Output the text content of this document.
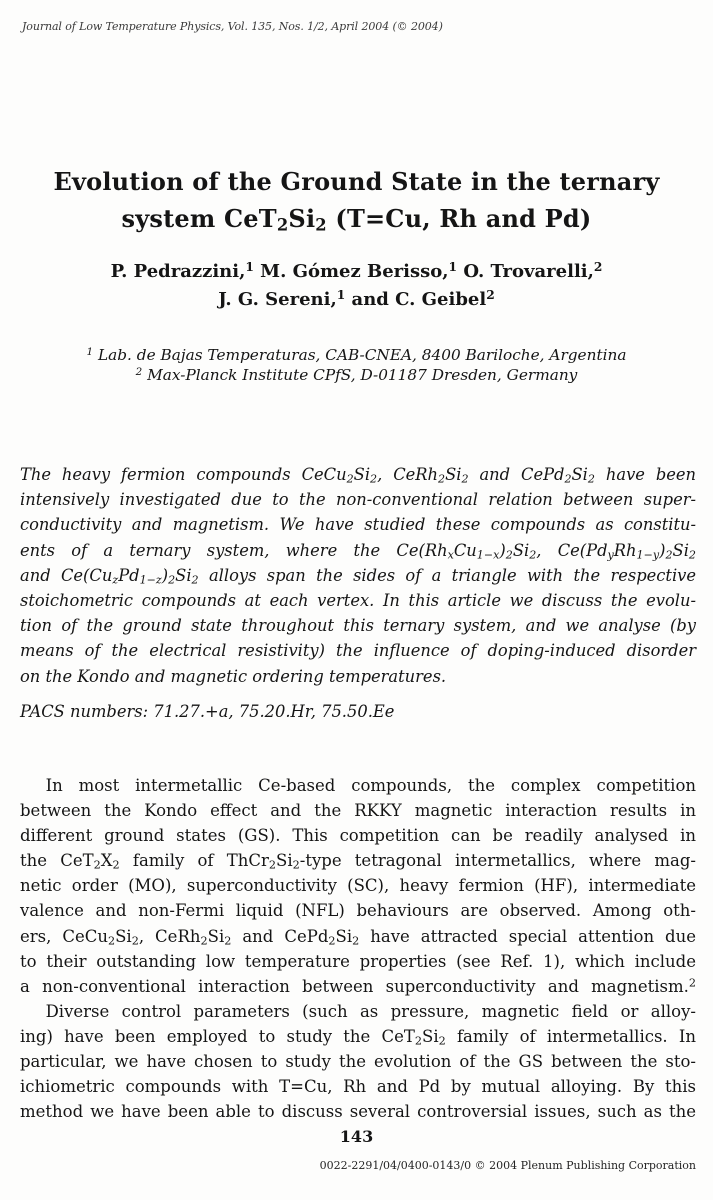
Journal of Low Temperature Physics, Vol. 135, Nos. 1/2, April 2004 (© 2004)
Evolution of the Ground State in the ternary
system $CeT_2Si_2$ (T=Cu, Rh and Pd)
P. Pedrazzini,$^1$ M. Gómez Berisso,$^1$ O. Trovarelli,$^2$
J. G. Sereni,$^1$ and C. Geibel$^2$
$^1$ Lab. de Bajas Temperaturas, CAB-CNEA, 8400 Bariloche, Argentina
$^2$ Max-Planck Institute CPfS, D-01187 Dresden, Germany
The heavy fermion compounds $CeCu_2Si_2$, $CeRh_2Si_2$ and $CePd_2Si_2$ have been
intensively investigated due to the non-conventional relation between super-
conductivity and magnetism. We have studied these compounds as constitu-
ents of a ternary system, where the $Ce(Rh_xCu_{1-x})_2Si_2$, $Ce(Pd_yRh_{1-y})_2Si_2$
and $Ce(Cu_zPd_{1-z})_2Si_2$ alloys span the sides of a triangle with the respective
stoichometric compounds at each vertex. In this article we discuss the evolu-
tion of the ground state throughout this ternary system, and we analyse (by
means of the electrical resistivity) the influence of doping-induced disorder
on the Kondo and magnetic ordering temperatures.
PACS numbers: 71.27.+a, 75.20.Hr, 75.50.Ee
In most intermetallic Ce-based compounds, the complex competition
between the Kondo effect and the RKKY magnetic interaction results in
different ground states (GS). This competition can be readily analysed in
the $CeT_2X_2$ family of $ThCr_2Si_2$-type tetragonal intermetallics, where mag-
netic order (MO), superconductivity (SC), heavy fermion (HF), intermediate
valence and non-Fermi liquid (NFL) behaviours are observed. Among oth-
ers, $CeCu_2Si_2$, $CeRh_2Si_2$ and $CePd_2Si_2$ have attracted special attention due
to their outstanding low temperature properties (see Ref. 1), which include
a non-conventional interaction between superconductivity and magnetism.$^2$
Diverse control parameters (such as pressure, magnetic field or alloy-
ing) have been employed to study the $CeT_2Si_2$ family of intermetallics. In
particular, we have chosen to study the evolution of the GS between the sto-
ichiometric compounds with T=Cu, Rh and Pd by mutual alloying. By this
method we have been able to discuss several controversial issues, such as the
143
0022-2291/04/0400-0143/0 © 2004 Plenum Publishing Corporation
